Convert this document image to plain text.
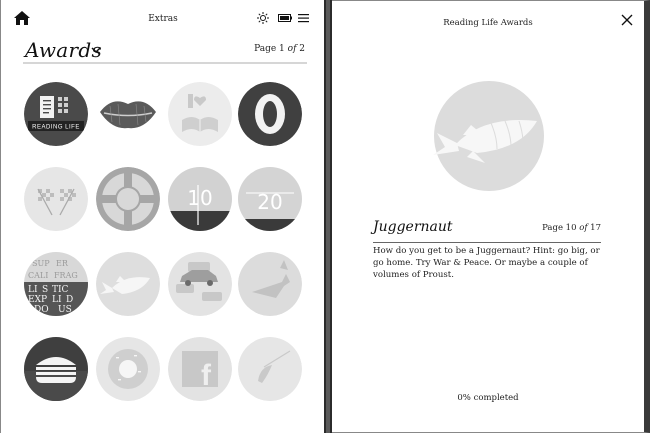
Extras
Awards	Page 1 of 2
READING LIFE
10 20
LI S TIC
EXP LI D
DO US
SUP ER
CALI FRAG
f
Reading Life Awards
Juggernaut	Page 10 of 17
How do you get to be a Juggernaut? Hint: go big, or go home. Try War & Peace. Or maybe a couple of volumes of Proust.
0% completed
